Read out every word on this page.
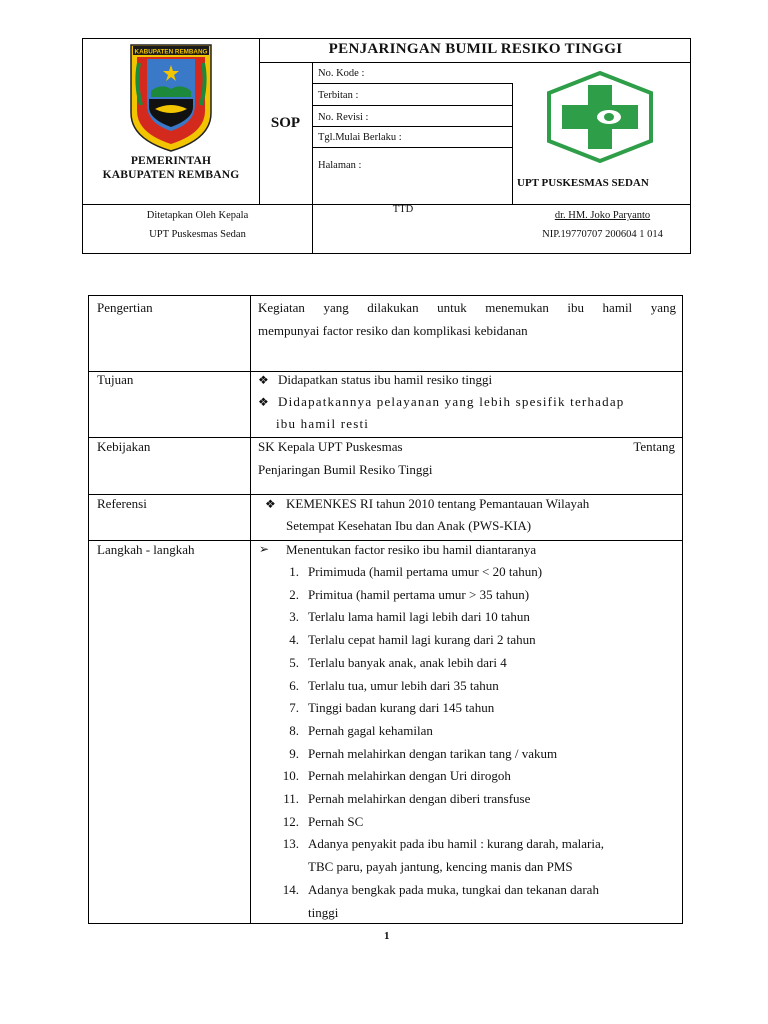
KABUPATEN REMBANG
PEMERINTAH
KABUPATEN REMBANG
PENJARINGAN BUMIL RESIKO TINGGI
SOP
No. Kode :
Terbitan :
No. Revisi :
Tgl.Mulai Berlaku :
Halaman :
UPT PUSKESMAS SEDAN
Ditetapkan Oleh Kepala
UPT Puskesmas Sedan
TTD
dr. HM. Joko Paryanto
NIP.19770707 200604 1 014
Pengertian	Kegiatan yang dilakukan untuk menemukan ibu hamil yang
mempunyai factor resiko dan komplikasi kebidanan
Tujuan	❖ Didapatkan status ibu hamil resiko tinggi
❖ Didapatkannya pelayanan yang lebih spesifik terhadap
ibu hamil resti
Kebijakan	SK Kepala UPT Puskesmas	Tentang
Penjaringan Bumil Resiko Tinggi
Referensi	❖ KEMENKES RI tahun 2010 tentang Pemantauan Wilayah
Setempat Kesehatan Ibu dan Anak (PWS-KIA)
Langkah - langkah	➢ Menentukan factor resiko ibu hamil diantaranya
1. Primimuda (hamil pertama umur < 20 tahun)
2. Primitua (hamil pertama umur > 35 tahun)
3. Terlalu lama hamil lagi lebih dari 10 tahun
4. Terlalu cepat hamil lagi kurang dari 2 tahun
5. Terlalu banyak anak, anak lebih dari 4
6. Terlalu tua, umur lebih dari 35 tahun
7. Tinggi badan kurang dari 145 tahun
8. Pernah gagal kehamilan
9. Pernah melahirkan dengan tarikan tang / vakum
10. Pernah melahirkan dengan Uri dirogoh
11. Pernah melahirkan dengan diberi transfuse
12. Pernah SC
13. Adanya penyakit pada ibu hamil : kurang darah, malaria,
TBC paru, payah jantung, kencing manis dan PMS
14. Adanya bengkak pada muka, tungkai dan tekanan darah
tinggi
1
